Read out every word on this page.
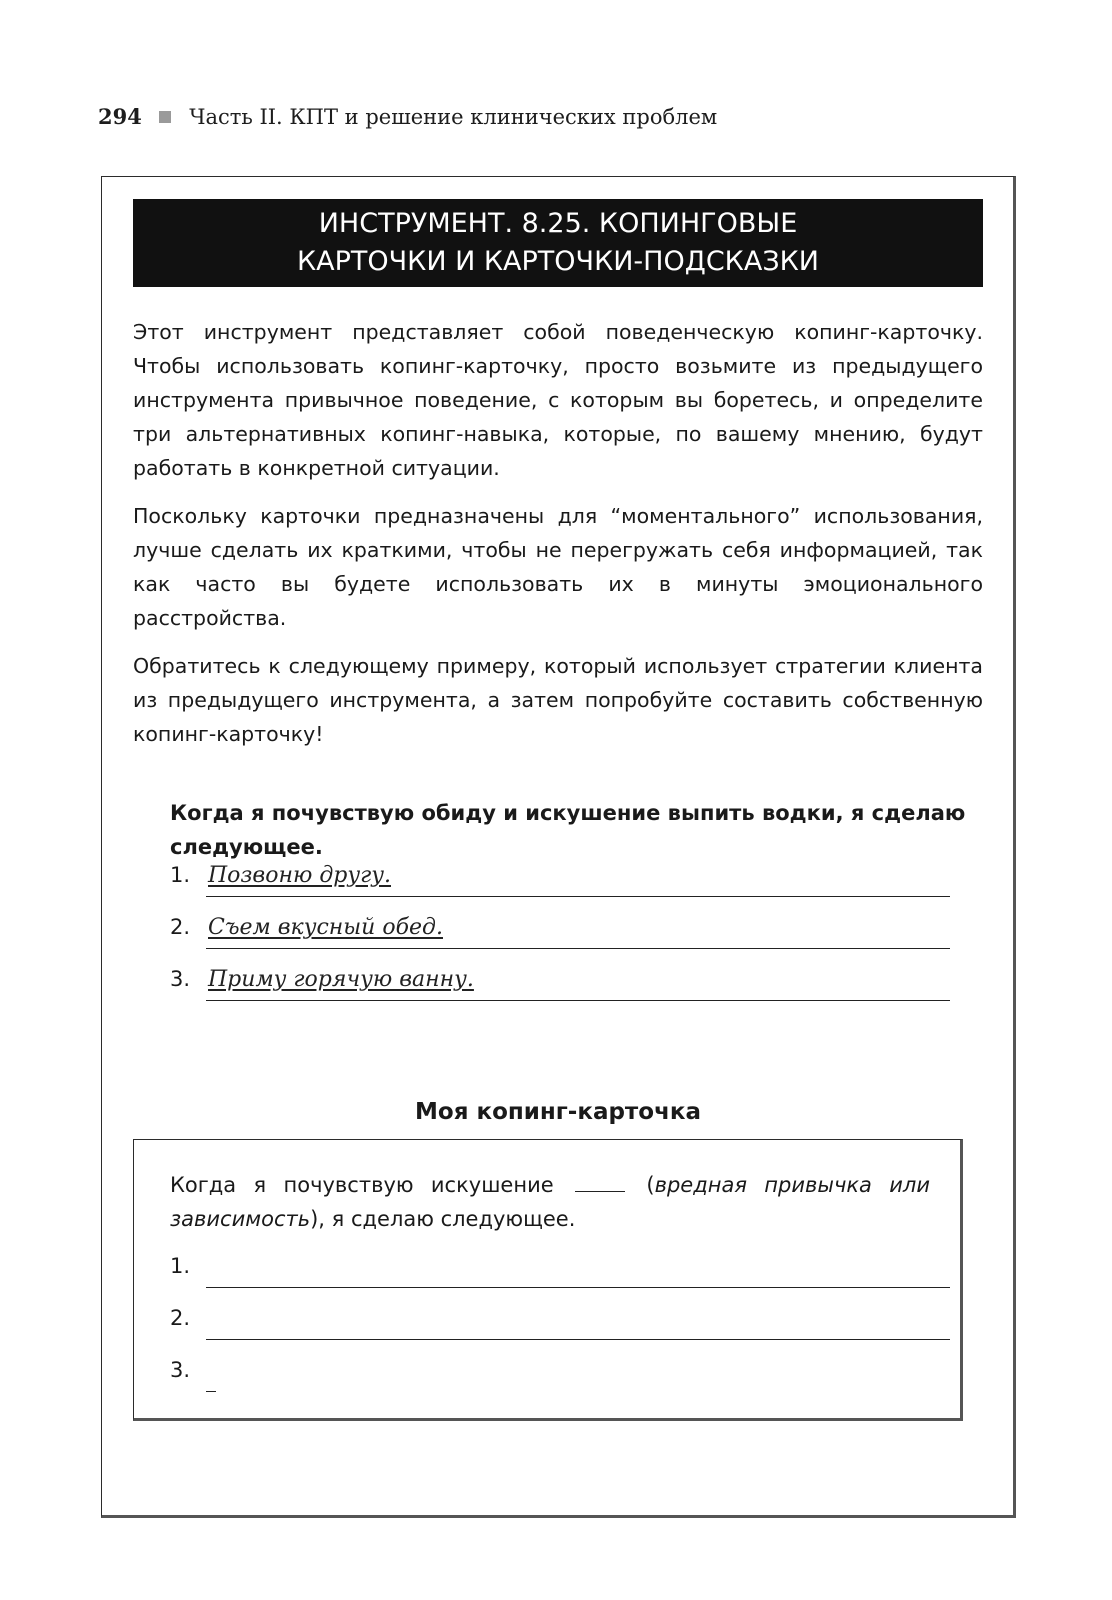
294 Часть II. КПТ и решение клинических проблем
ИНСТРУМЕНТ. 8.25. КОПИНГОВЫЕ
КАРТОЧКИ И КАРТОЧКИ-ПОДСКАЗКИ

Этот инструмент представляет собой поведенческую копинг-карточку. Чтобы использовать копинг-карточку, просто возьмите из предыдущего инструмента привычное поведение, с которым вы боретесь, и определите три альтернативных копинг-навыка, которые, по вашему мнению, будут работать в конкретной ситуации.

Поскольку карточки предназначены для “моментального” использования, лучше сделать их краткими, чтобы не перегружать себя информацией, так как часто вы будете использовать их в минуты эмоционального расстройства.

Обратитесь к следующему примеру, который использует стратегии клиента из предыдущего инструмента, а затем попробуйте составить собственную копинг-карточку!

Когда я почувствую обиду и искушение выпить водки, я сделаю следующее.
1. Позвоню другу.
2. Съем вкусный обед.
3. Приму горячую ванну.
Моя копинг-карточка
Когда я почувствую искушение	(вредная привычка или зависимость), я сделаю следующее.
1.
2.
3.
